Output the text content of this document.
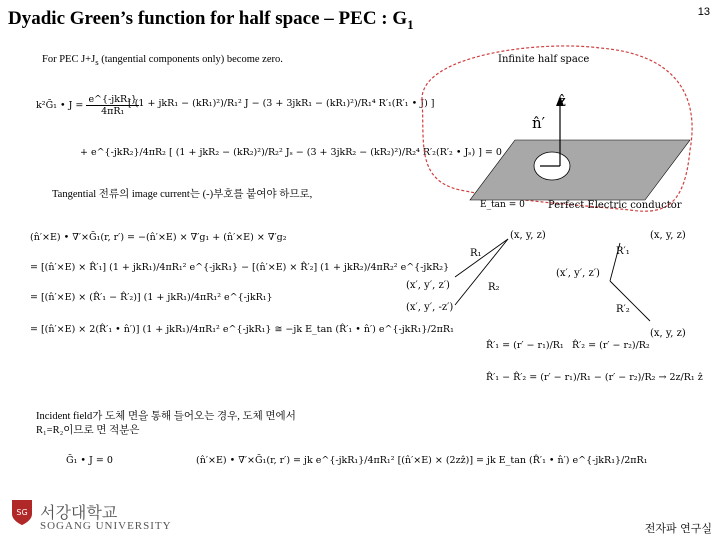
Dyadic Green’s function for half space – PEC : $G_1$
13
For PEC $J+J_s$ (tangential components only) become zero.
k²Ḡ₁ • $J = \frac{\text{e\textasciicircum{}\{-jkR₁\}}}{\text{4πR₁}}$
[ (1 + jkR₁ − (kR₁)²)/R₁² J − (3 + 3jkR₁ − (kR₁)²)/R₁⁴ R′₁(R′₁ • J) ]
+ e^{-jkR₂}/4πR₂ [ (1 + jkR₂ − (kR₂)²)/R₂² Jₛ − (3 + 3jkR₂ − (kR₂)²)/R₂⁴ R′₂(R′₂ • Jₛ) ] = 0
Tangential 전류의 image current는 (-)부호를 붙여야 하므로,
Infinite half space
ẑ
n̂′
Perfect Electric conductor
E_tan = 0
(n̂′×E) • ∇′×Ḡ₁(r, r′) = −(n̂′×E) × ∇′g₁ + (n̂′×E) × ∇′g₂
= [(n̂′×E) × R̂′₁] (1 + jkR₁)/4πR₁² e^{-jkR₁} − [(n̂′×E) × R̂′₂] (1 + jkR₂)/4πR₂² e^{-jkR₂}
= [(n̂′×E) × (R̂′₁ − R̂′₂)] (1 + jkR₁)/4πR₁² e^{-jkR₁}
= [(n̂′×E) × 2(R̂′₁ • n̂′)] (1 + jkR₁)/4πR₁² e^{-jkR₁} ≅ −jk E_tan (R̂′₁ • n̂′) e^{-jkR₁}/2πR₁
(x, y, z)	(x, y, z)
(x′, y′, z′)
(x′, y′, -z′)
(x′, y′, z′)
(x, y, z)
R₁
R₂
R′₁
R′₂
R̂′₁ = (r′ − r₁)/R₁ R̂′₂ = (r′ − r₂)/R₂
R̂′₁ − R̂′₂ = (r′ − r₁)/R₁ − (r′ − r₂)/R₂ → 2z/R₁ ẑ
Incident field가 도체 면을 통해 들어오는 경우, 도체 면에서
R₁=R₂이므로 면 적분은
Ḡ₁ • J = 0	(n̂′×E) • ∇′×Ḡ₁(r, r′) = jk e^{-jkR₁}/4πR₁² [(n̂′×E) × (2zẑ)] = jk E_tan (R̂′₁ • n̂′) e^{-jkR₁}/2πR₁
SG 서강대학교
SOGANG UNIVERSITY	전자파 연구실
